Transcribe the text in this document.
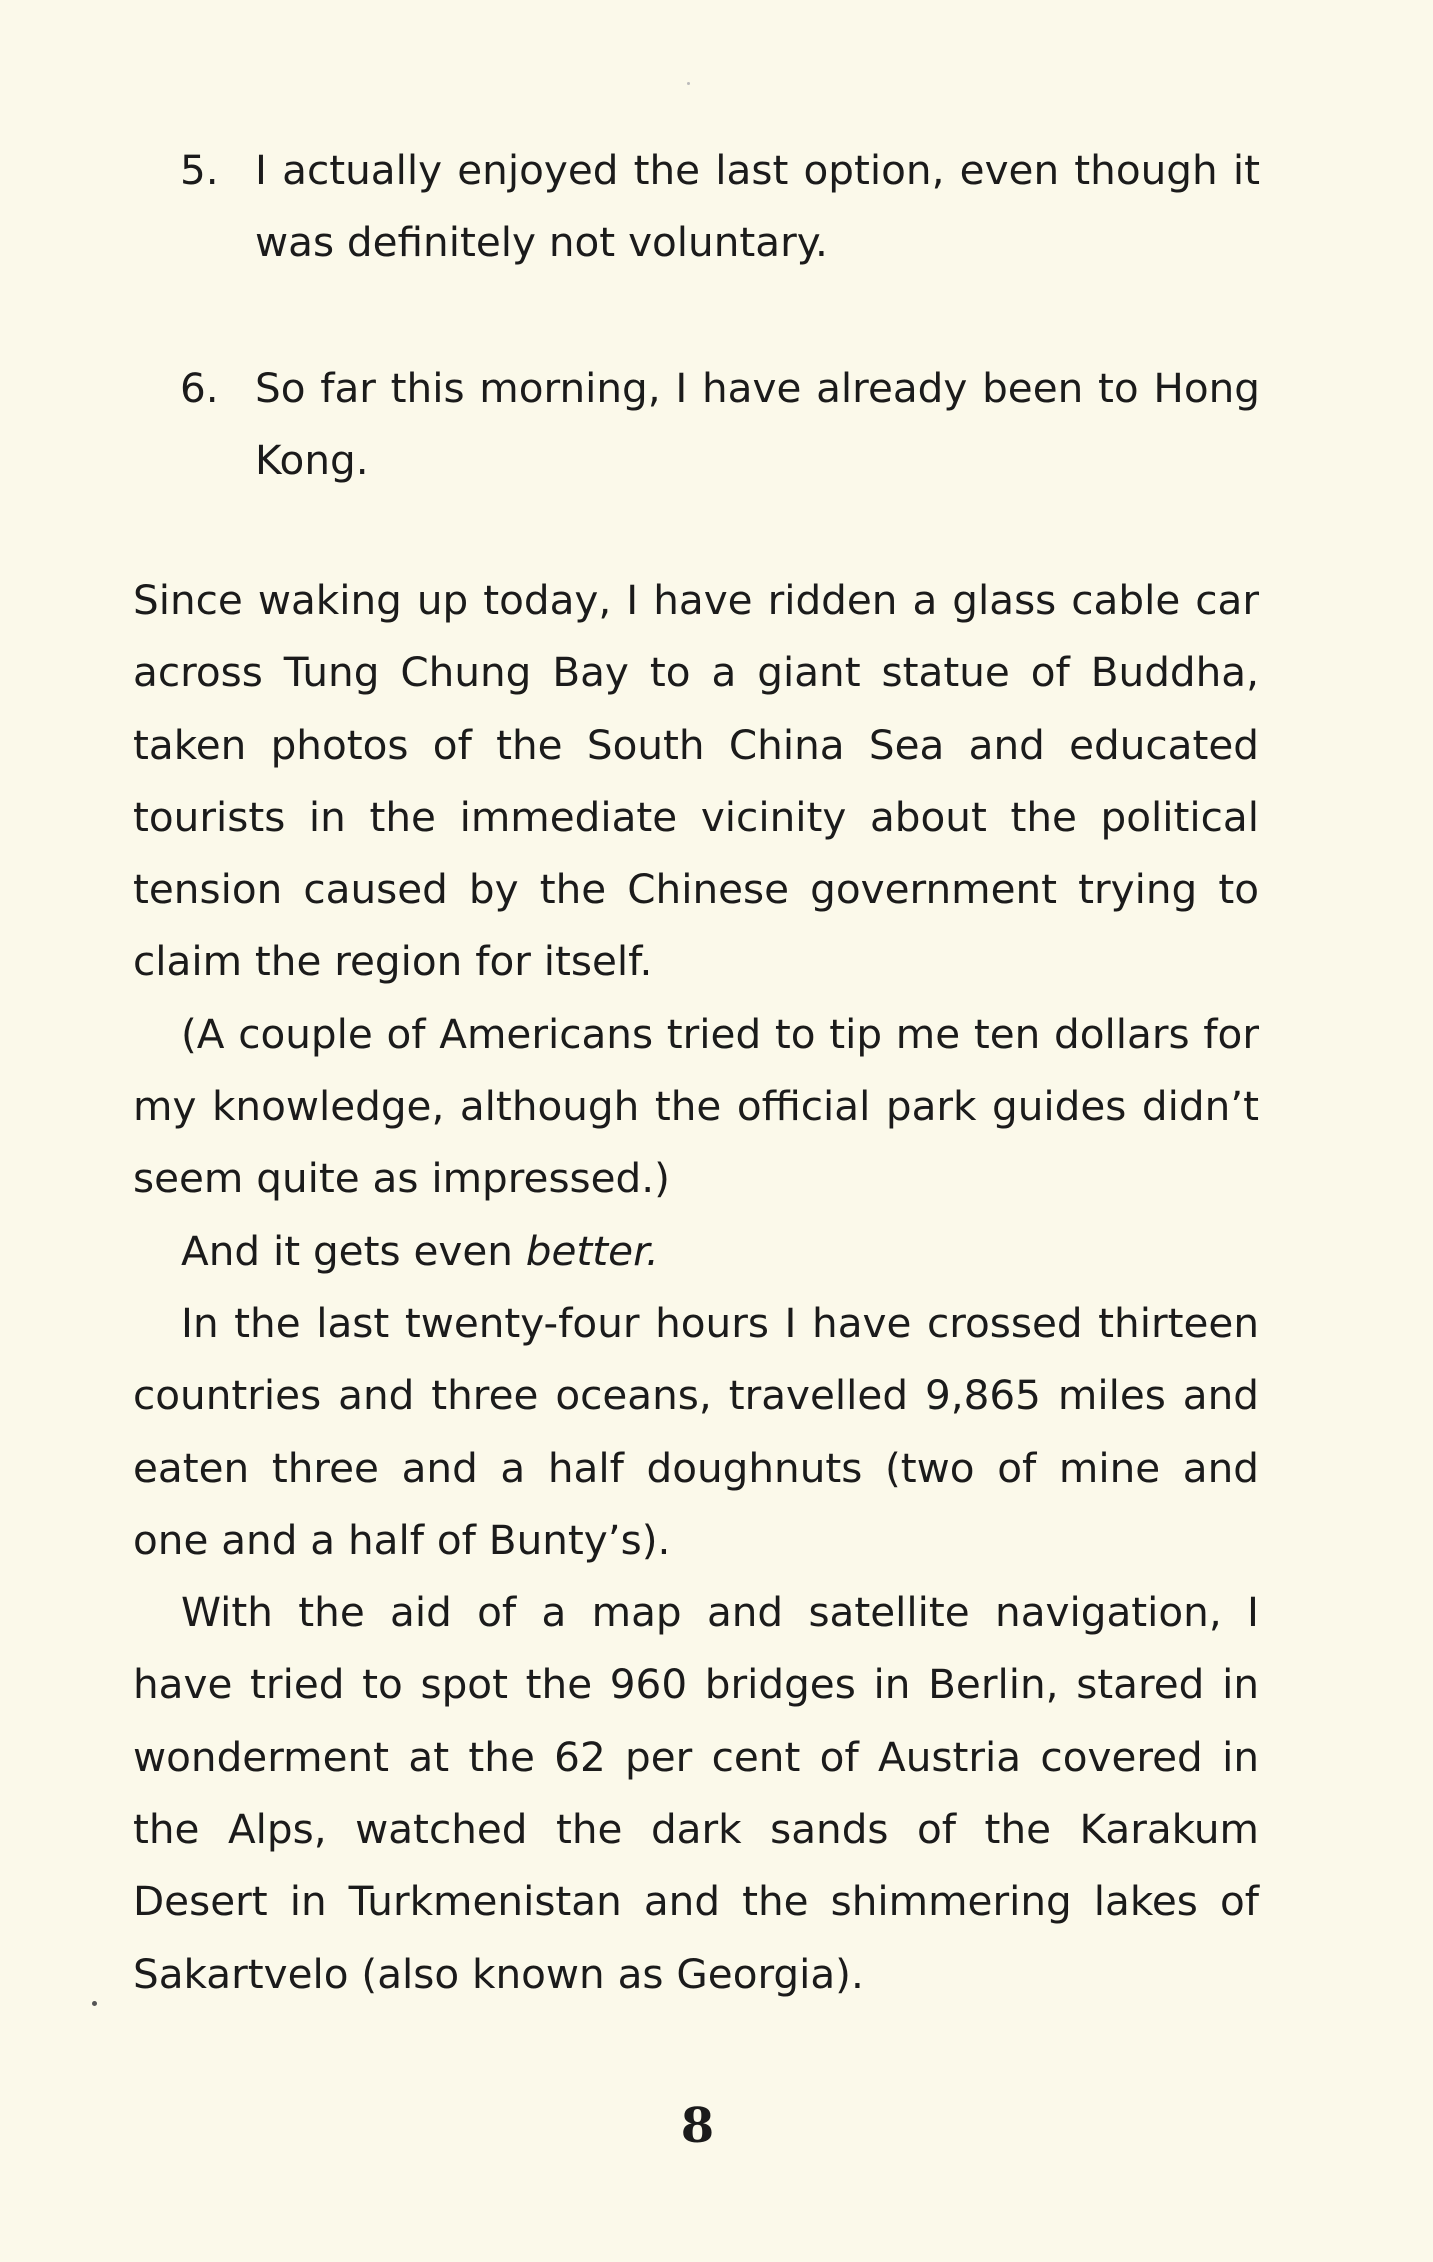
5. I actually enjoyed the last option, even though it was definitely not voluntary.
6. So far this morning, I have already been to Hong Kong.

Since waking up today, I have ridden a glass cable car across Tung Chung Bay to a giant statue of Buddha, taken photos of the South China Sea and educated tourists in the immediate vicinity about the political tension caused by the Chinese government trying to claim the region for itself.

(A couple of Americans tried to tip me ten dollars for my knowledge, although the official park guides didn’t seem quite as impressed.)

And it gets even better.

In the last twenty-four hours I have crossed thirteen countries and three oceans, travelled 9,865 miles and eaten three and a half doughnuts (two of mine and one and a half of Bunty’s).

With the aid of a map and satellite navigation, I have tried to spot the 960 bridges in Berlin, stared in wonderment at the 62 per cent of Austria covered in the Alps, watched the dark sands of the Karakum Desert in Turkmenistan and the shimmering lakes of Sakartvelo (also known as Georgia).

8
